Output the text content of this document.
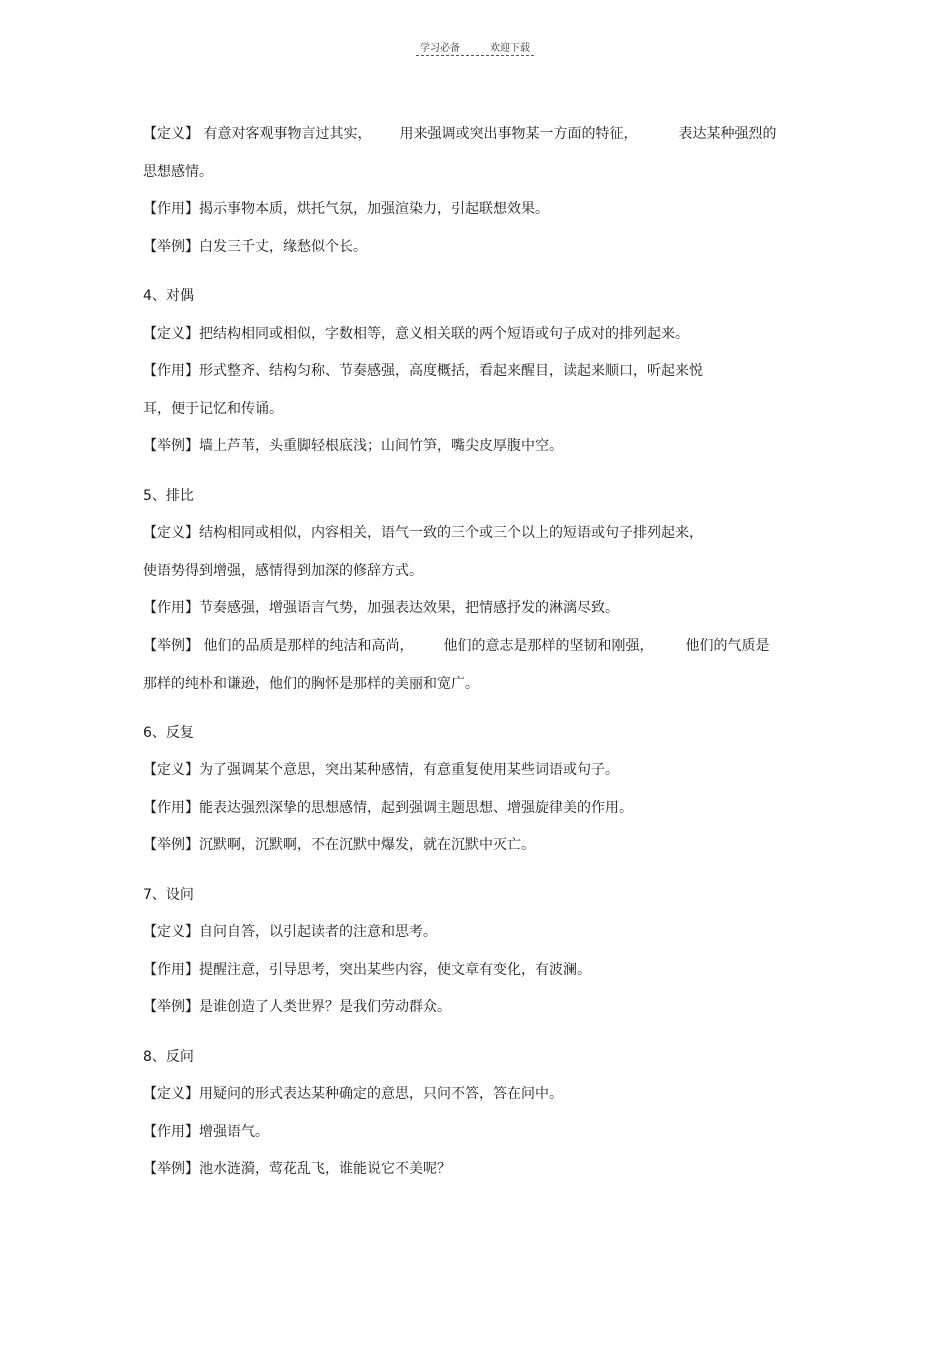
学习必备	欢迎下载

【定义】 有意对客观事物言过其实， 用来强调或突出事物某一方面的特征，	表达某种强烈的

思想感情。

【作用】揭示事物本质，烘托气氛，加强渲染力，引起联想效果。

【举例】白发三千丈，缘愁似个长。

4、对偶

【定义】把结构相同或相似，字数相等，意义相关联的两个短语或句子成对的排列起来。

【作用】形式整齐、结构匀称、节奏感强，高度概括，看起来醒目，读起来顺口，听起来悦

耳，便于记忆和传诵。

【举例】墙上芦苇，头重脚轻根底浅；山间竹笋，嘴尖皮厚腹中空。

5、排比

【定义】结构相同或相似，内容相关，语气一致的三个或三个以上的短语或句子排列起来，

使语势得到增强，感情得到加深的修辞方式。

【作用】节奏感强，增强语言气势，加强表达效果，把情感抒发的淋漓尽致。

【举例】 他们的品质是那样的纯洁和高尚， 他们的意志是那样的坚韧和刚强， 他们的气质是

那样的纯朴和谦逊，他们的胸怀是那样的美丽和宽广。

6、反复

【定义】为了强调某个意思，突出某种感情，有意重复使用某些词语或句子。

【作用】能表达强烈深挚的思想感情，起到强调主题思想、增强旋律美的作用。

【举例】沉默啊，沉默啊，不在沉默中爆发，就在沉默中灭亡。

7、设问

【定义】自问自答，以引起读者的注意和思考。

【作用】提醒注意，引导思考，突出某些内容，使文章有变化，有波澜。

【举例】是谁创造了人类世界？是我们劳动群众。

8、反问

【定义】用疑问的形式表达某种确定的意思，只问不答，答在问中。

【作用】增强语气。

【举例】池水涟漪，莺花乱飞，谁能说它不美呢？
